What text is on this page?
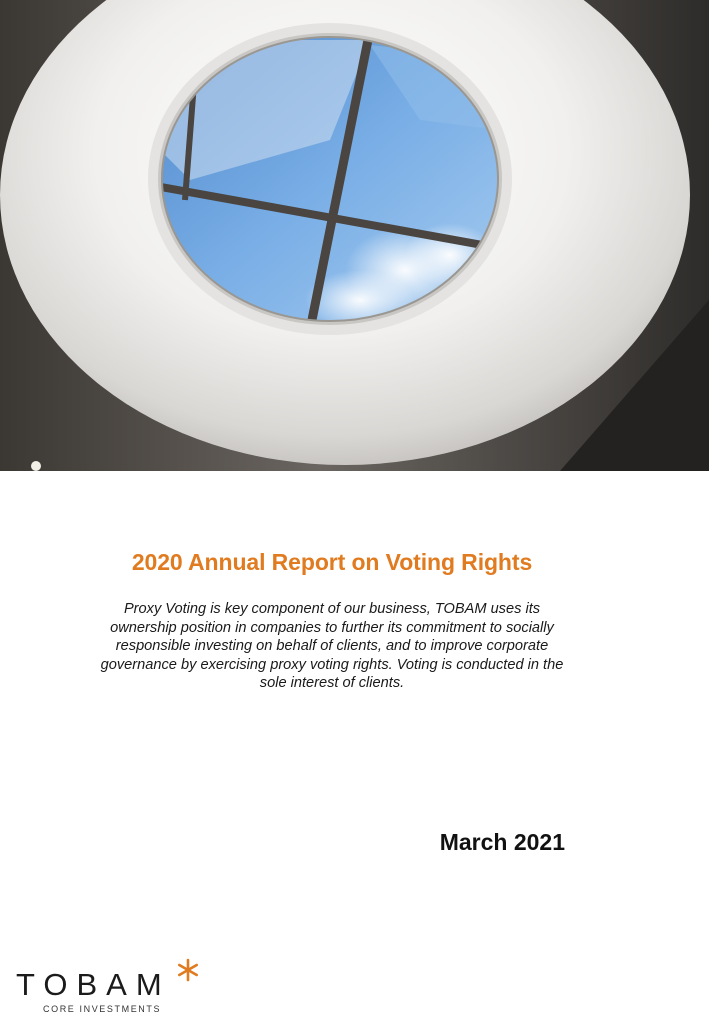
2020 Annual Report on Voting Rights

Proxy Voting is key component of our business, TOBAM uses its ownership position in companies to further its commitment to socially responsible investing on behalf of clients, and to improve corporate governance by exercising proxy voting rights. Voting is conducted in the sole interest of clients.

March 2021

TOBAM
CORE INVESTMENTS
